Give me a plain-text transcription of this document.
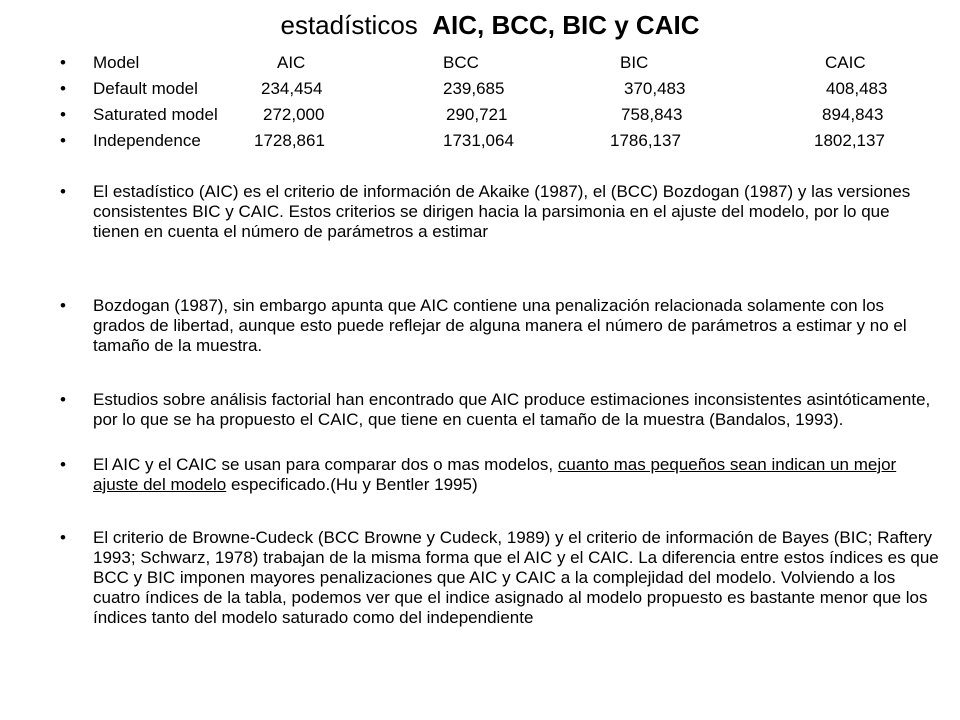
estadísticos AIC, BCC, BIC y CAIC
• Model	AIC	BCC	BIC	CAIC
• Default model	234,454	239,685	370,483	408,483
• Saturated model	272,000	290,721	758,843	894,843
• Independence	1728,861	1731,064	1786,137	1802,137
• El estadístico (AIC) es el criterio de información de Akaike (1987), el (BCC) Bozdogan (1987) y las versiones consistentes BIC y CAIC. Estos criterios se dirigen hacia la parsimonia en el ajuste del modelo, por lo que tienen en cuenta el número de parámetros a estimar
• Bozdogan (1987), sin embargo apunta que AIC contiene una penalización relacionada solamente con los grados de libertad, aunque esto puede reflejar de alguna manera el número de parámetros a estimar y no el tamaño de la muestra.
• Estudios sobre análisis factorial han encontrado que AIC produce estimaciones inconsistentes asintóticamente, por lo que se ha propuesto el CAIC, que tiene en cuenta el tamaño de la muestra (Bandalos, 1993).
• El AIC y el CAIC se usan para comparar dos o mas modelos, cuanto mas pequeños sean indican un mejor ajuste del modelo especificado.(Hu y Bentler 1995)
• El criterio de Browne-Cudeck (BCC Browne y Cudeck, 1989) y el criterio de información de Bayes (BIC; Raftery 1993; Schwarz, 1978) trabajan de la misma forma que el AIC y el CAIC. La diferencia entre estos índices es que BCC y BIC imponen mayores penalizaciones que AIC y CAIC a la complejidad del modelo. Volviendo a los cuatro índices de la tabla, podemos ver que el indice asignado al modelo propuesto es bastante menor que los índices tanto del modelo saturado como del independiente
